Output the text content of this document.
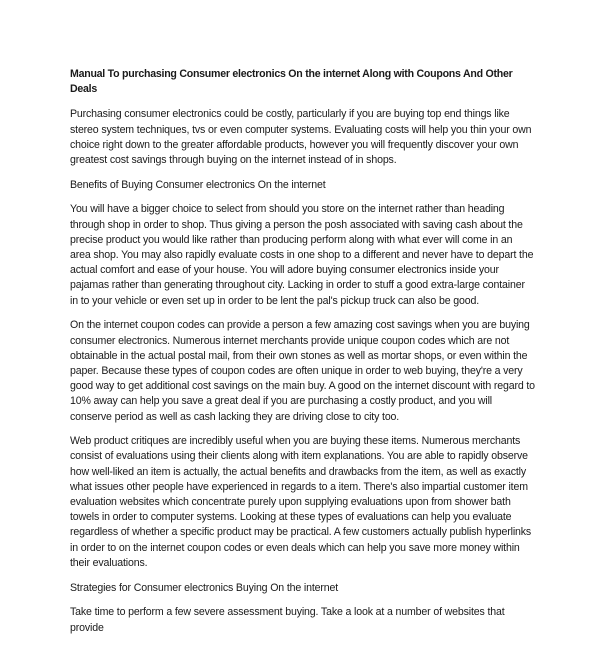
Manual To purchasing Consumer electronics On the internet Along with Coupons And Other Deals

Purchasing consumer electronics could be costly, particularly if you are buying top end things like stereo system techniques, tvs or even computer systems. Evaluating costs will help you thin your own choice right down to the greater affordable products, however you will frequently discover your own greatest cost savings through buying on the internet instead of in shops.

Benefits of Buying Consumer electronics On the internet

You will have a bigger choice to select from should you store on the internet rather than heading through shop in order to shop. Thus giving a person the posh associated with saving cash about the precise product you would like rather than producing perform along with what ever will come in an area shop. You may also rapidly evaluate costs in one shop to a different and never have to depart the actual comfort and ease of your house. You will adore buying consumer electronics inside your pajamas rather than generating throughout city. Lacking in order to stuff a good extra-large container in to your vehicle or even set up in order to be lent the pal's pickup truck can also be good.

On the internet coupon codes can provide a person a few amazing cost savings when you are buying consumer electronics. Numerous internet merchants provide unique coupon codes which are not obtainable in the actual postal mail, from their own stones as well as mortar shops, or even within the paper. Because these types of coupon codes are often unique in order to web buying, they're a very good way to get additional cost savings on the main buy. A good on the internet discount with regard to 10% away can help you save a great deal if you are purchasing a costly product, and you will conserve period as well as cash lacking they are driving close to city too.

Web product critiques are incredibly useful when you are buying these items. Numerous merchants consist of evaluations using their clients along with item explanations. You are able to rapidly observe how well-liked an item is actually, the actual benefits and drawbacks from the item, as well as exactly what issues other people have experienced in regards to a item. There's also impartial customer item evaluation websites which concentrate purely upon supplying evaluations upon from shower bath towels in order to computer systems. Looking at these types of evaluations can help you evaluate regardless of whether a specific product may be practical. A few customers actually publish hyperlinks in order to on the internet coupon codes or even deals which can help you save more money within their evaluations.

Strategies for Consumer electronics Buying On the internet

Take time to perform a few severe assessment buying. Take a look at a number of websites that provide
